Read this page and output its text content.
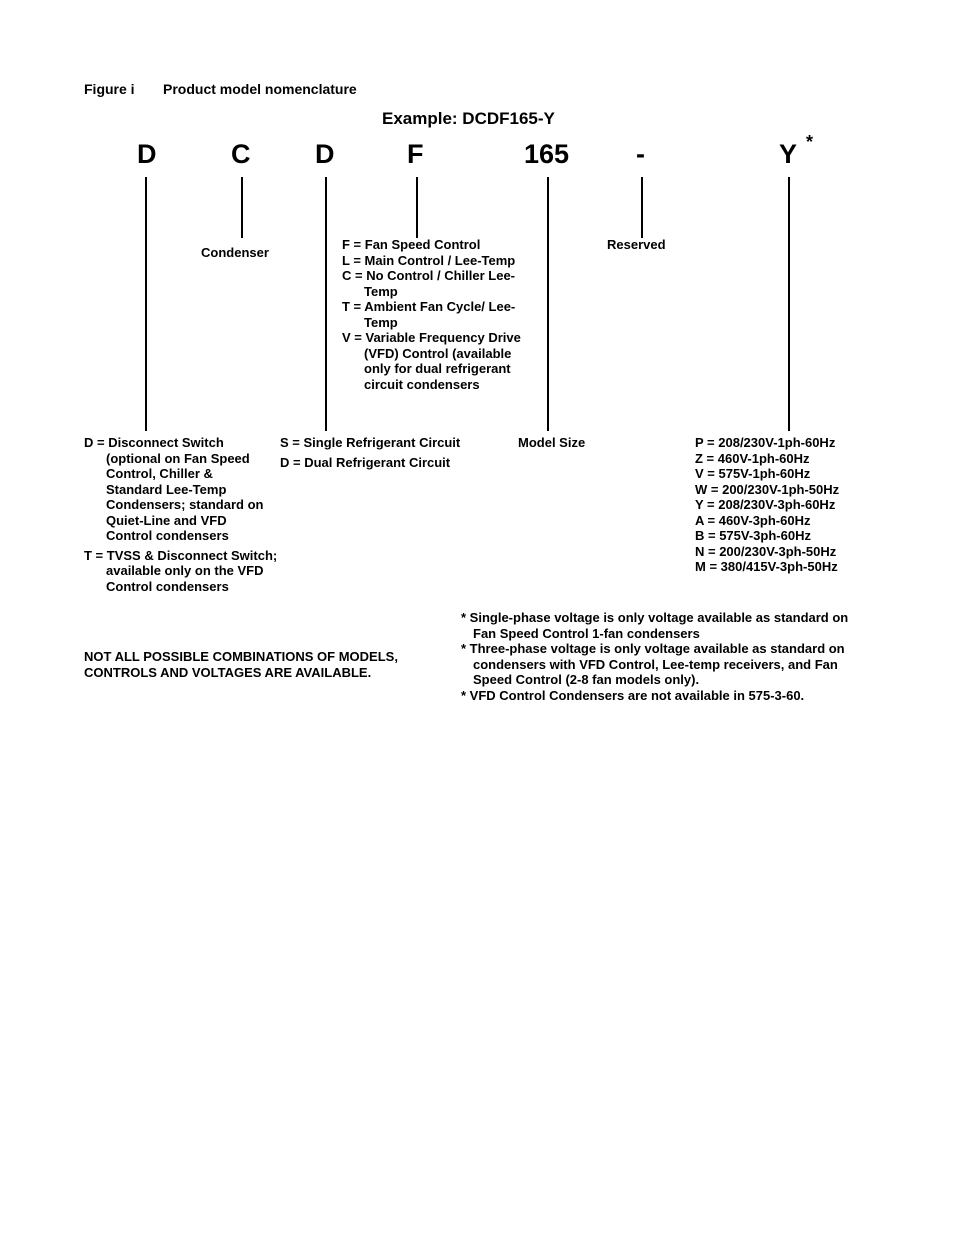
Figure i Product model nomenclature
Example: DCDF165-Y
D	C D	F	165 -	Y *
Condenser
Reserved
F = Fan Speed Control
L = Main Control / Lee-Temp
C = No Control / Chiller Lee-Temp
T = Ambient Fan Cycle/ Lee-Temp
V = Variable Frequency Drive (VFD) Control (available only for dual refrigerant circuit condensers
D = Disconnect Switch (optional on Fan Speed Control, Chiller & Standard Lee-Temp Condensers; standard on Quiet-Line and VFD Control condensers
T = TVSS & Disconnect Switch; available only on the VFD Control condensers
S = Single Refrigerant Circuit
D = Dual Refrigerant Circuit
Model Size	P = 208/230V-1ph-60Hz
Z = 460V-1ph-60Hz
V = 575V-1ph-60Hz
W = 200/230V-1ph-50Hz
Y = 208/230V-3ph-60Hz
A = 460V-3ph-60Hz
B = 575V-3ph-60Hz
N = 200/230V-3ph-50Hz
M = 380/415V-3ph-50Hz
NOT ALL POSSIBLE COMBINATIONS OF MODELS, CONTROLS AND VOLTAGES ARE AVAILABLE.
* Single-phase voltage is only voltage available as standard on Fan Speed Control 1-fan condensers
* Three-phase voltage is only voltage available as standard on condensers with VFD Control, Lee-temp receivers, and Fan Speed Control (2-8 fan models only).
* VFD Control Condensers are not available in 575-3-60.
